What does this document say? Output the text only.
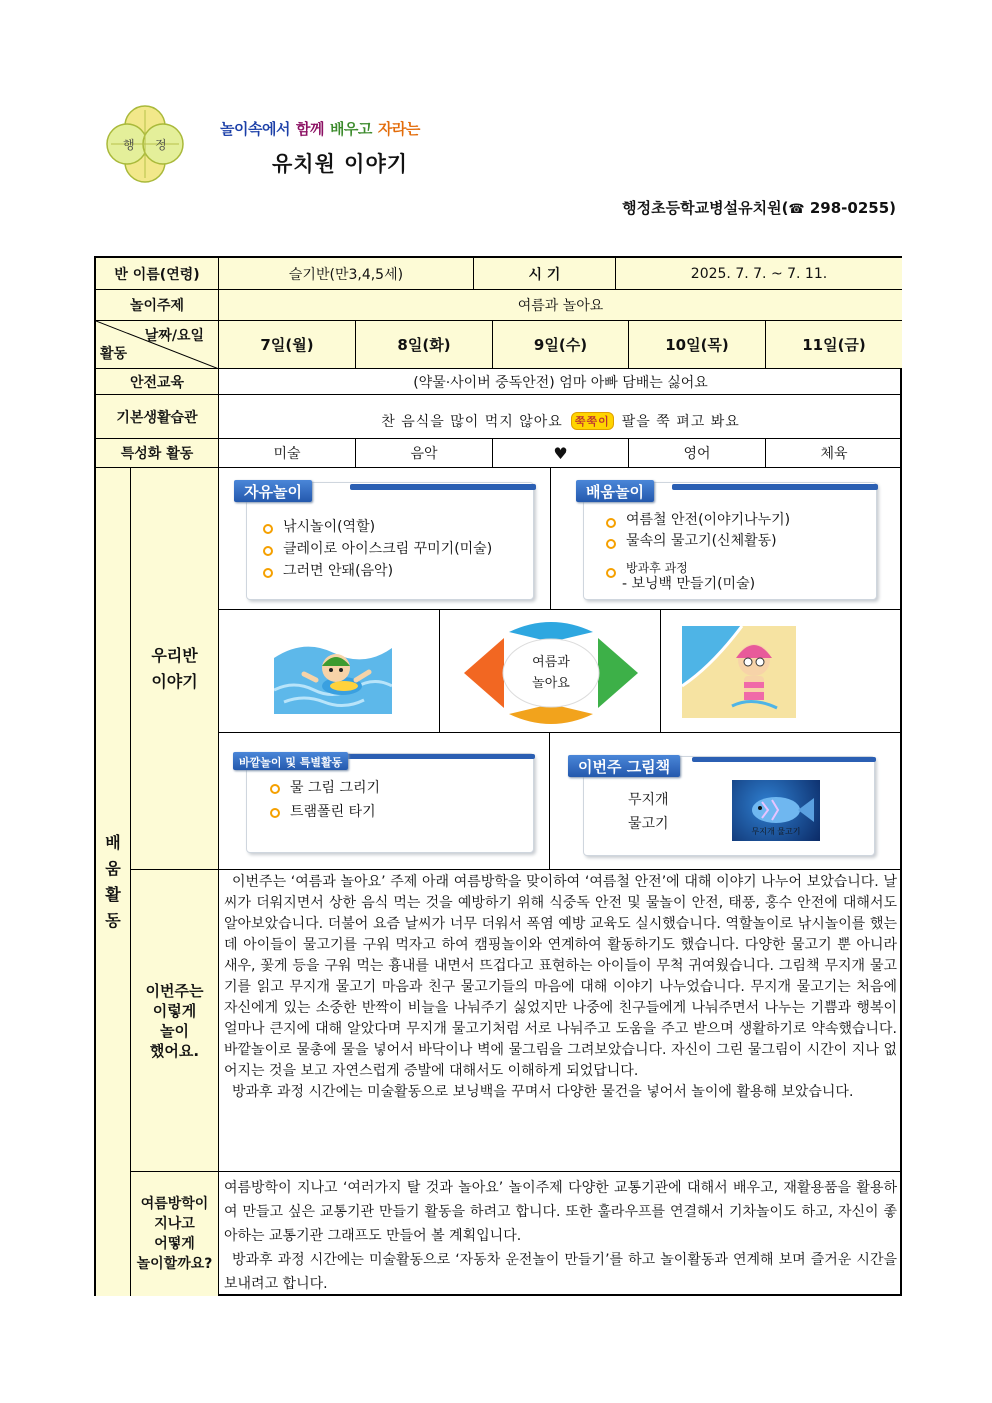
행 정
놀이속에서 함께 배우고 자라는
유치원 이야기
행정초등학교병설유치원(☎ 298-0255)
반 이름(연령)	슬기반(만3,4,5세)	시 기	2025. 7. 7. ~ 7. 11.
놀이주제	여름과 놀아요
날짜/요일
활동	7일(월)	8일(화)	9일(수)	10일(목)	11일(금)
안전교육	(약물·사이버 중독안전) 엄마 아빠 담배는 싫어요
기본생활습관	찬 음식을 많이 먹지 않아요	쭉쭉이 팔을 쭉 펴고 봐요
특성화 활동	미술	음악	♥	영어	체육
배
움
활
동
우리반
이야기
자유놀이
낚시놀이(역할)
클레이로 아이스크림 꾸미기(미술)
그러면 안돼(음악)
배움놀이
여름철 안전(이야기나누기)
물속의 물고기(신체활동)
방과후 과정
- 보닝백 만들기(미술)
여름과
놀아요
바깥놀이 및 특별활동
물 그림 그리기
트램폴린 타기
이번주 그림책
무지개
물고기	무지개 물고기
이번주는
이렇게
놀이
했어요.

이번주는 ‘여름과 놀아요’ 주제 아래 여름방학을 맞이하여 ‘여름철 안전’에 대해 이야기 나누어 보았습니다. 날씨가 더워지면서 상한 음식 먹는 것을 예방하기 위해 식중독 안전 및 물놀이 안전, 태풍, 홍수 안전에 대해서도 알아보았습니다. 더불어 요즘 날씨가 너무 더워서 폭염 예방 교육도 실시했습니다. 역할놀이로 낚시놀이를 했는데 아이들이 물고기를 구워 먹자고 하여 캠핑놀이와 연계하여 활동하기도 했습니다. 다양한 물고기 뿐 아니라 새우, 꽃게 등을 구워 먹는 흉내를 내면서 뜨겁다고 표현하는 아이들이 무척 귀여웠습니다. 그림책 무지개 물고기를 읽고 무지개 물고기 마음과 친구 물고기들의 마음에 대해 이야기 나누었습니다. 무지개 물고기는 처음에 자신에게 있는 소중한 반짝이 비늘을 나눠주기 싫었지만 나중에 친구들에게 나눠주면서 나누는 기쁨과 행복이 얼마나 큰지에 대해 알았다며 무지개 물고기처럼 서로 나눠주고 도움을 주고 받으며 생활하기로 약속했습니다. 바깥놀이로 물총에 물을 넣어서 바닥이나 벽에 물그림을 그려보았습니다. 자신이 그린 물그림이 시간이 지나 없어지는 것을 보고 자연스럽게 증발에 대해서도 이해하게 되었답니다.

방과후 과정 시간에는 미술활동으로 보닝백을 꾸며서 다양한 물건을 넣어서 놀이에 활용해 보았습니다.

여름방학이
지나고
어떻게
놀이할까요?

여름방학이 지나고 ‘여러가지 탈 것과 놀아요’ 놀이주제 다양한 교통기관에 대해서 배우고, 재활용품을 활용하여 만들고 싶은 교통기관 만들기 활동을 하려고 합니다. 또한 훌라우프를 연결해서 기차놀이도 하고, 자신이 좋아하는 교통기관 그래프도 만들어 볼 계획입니다.

방과후 과정 시간에는 미술활동으로 ‘자동차 운전놀이 만들기’를 하고 놀이활동과 연계해 보며 즐거운 시간을 보내려고 합니다.
